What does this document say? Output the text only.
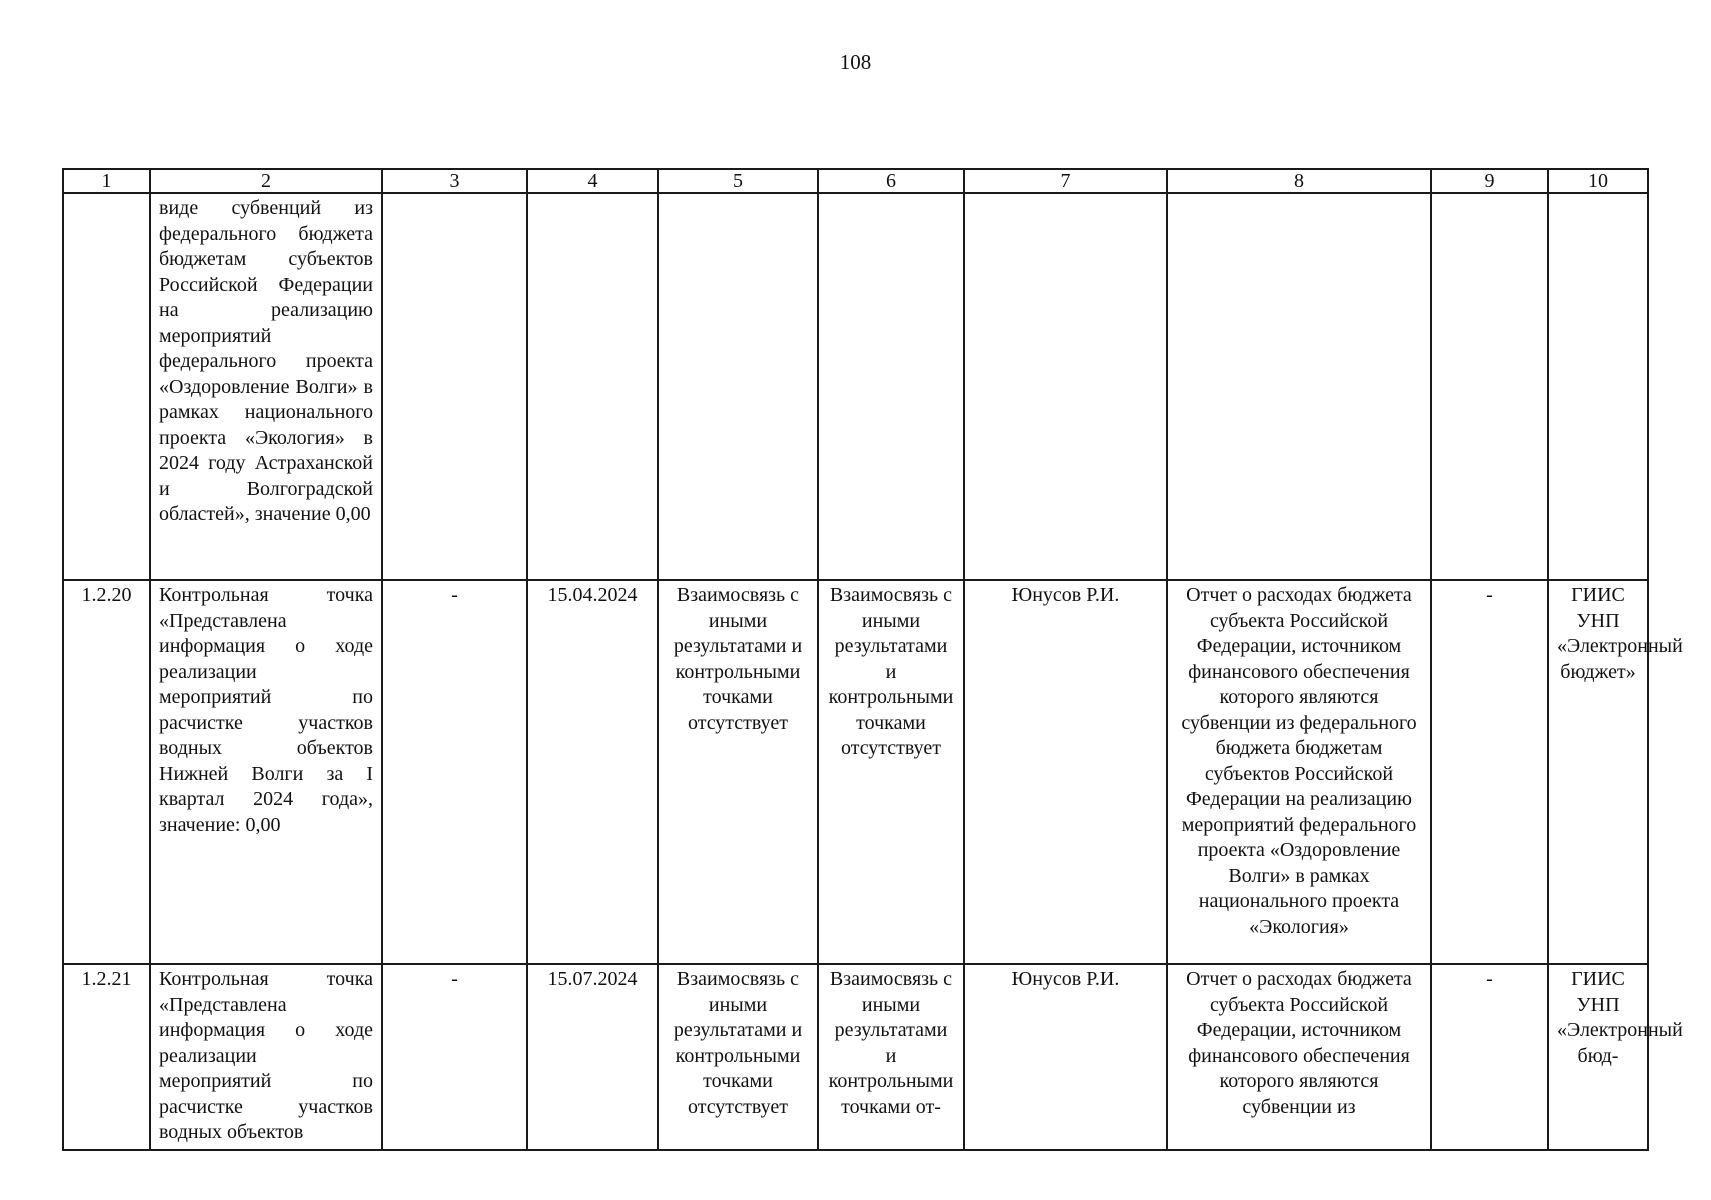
108
1	2	3	4	5	6	7	8	9	10
	виде субвенций из федерального бюджета бюджетам субъектов Российской Федерации на реализацию мероприятий федерального проекта «Оздоровление Волги» в рамках национального проекта «Экология» в 2024 году Астраханской и Волгоградской областей», значение 0,00								
1.2.20	Контрольная точка «Представлена информация о ходе реализации мероприятий по расчистке участков водных объектов Нижней Волги за I квартал 2024 года», значение: 0,00	-	15.04.2024	Взаимосвязь с иными результатами и контрольными точками отсутствует	Взаимосвязь с иными результатами и контрольными точками отсутствует	Юнусов Р.И.	Отчет о расходах бюджета субъекта Российской Федерации, источником финансового обеспечения которого являются субвенции из федерального бюджета бюджетам субъектов Российской Федерации на реализацию мероприятий федерального проекта «Оздоровление Волги» в рамках национального проекта «Экология»	-	ГИИС УНП «Электронный бюджет»
1.2.21	Контрольная точка «Представлена информация о ходе реализации мероприятий по расчистке участков водных объектов	-	15.07.2024	Взаимосвязь с иными результатами и контрольными точками отсутствует	Взаимосвязь с иными результатами и контрольными точками от-	Юнусов Р.И.	Отчет о расходах бюджета субъекта Российской Федерации, источником финансового обеспечения которого являются субвенции из	-	ГИИС УНП «Электронный бюд-
